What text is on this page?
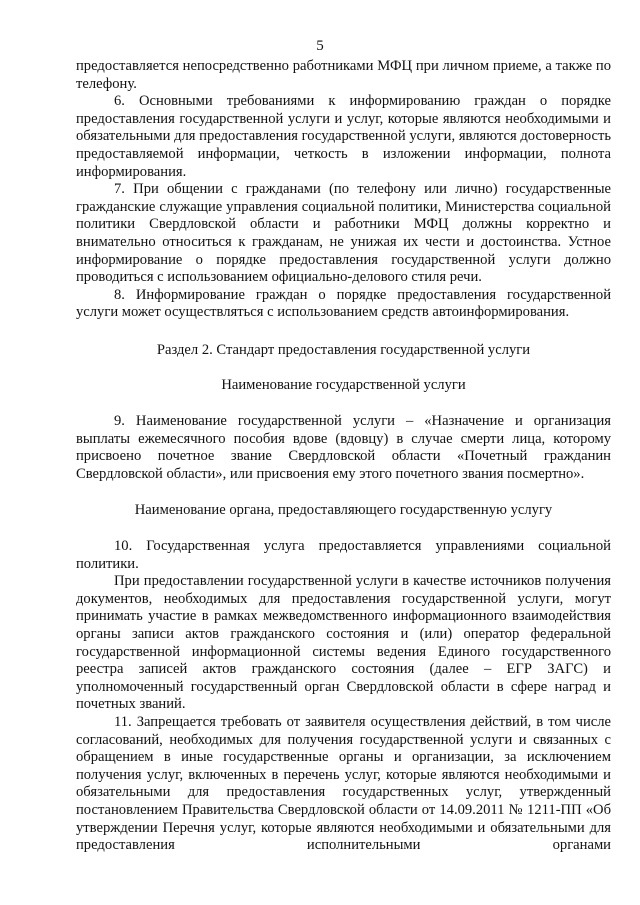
5

предоставляется непосредственно работниками МФЦ при личном приеме, а также по телефону.

6. Основными требованиями к информированию граждан о порядке предоставления государственной услуги и услуг, которые являются необходимыми и обязательными для предоставления государственной услуги, являются достоверность предоставляемой информации, четкость в изложении информации, полнота информирования.

7. При общении с гражданами (по телефону или лично) государственные гражданские служащие управления социальной политики, Министерства социальной политики Свердловской области и работники МФЦ должны корректно и внимательно относиться к гражданам, не унижая их чести и достоинства. Устное информирование о порядке предоставления государственной услуги должно проводиться с использованием официально-делового стиля речи.

8. Информирование граждан о порядке предоставления государственной услуги может осуществляться с использованием средств автоинформирования.

Раздел 2. Стандарт предоставления государственной услуги

Наименование государственной услуги

9. Наименование государственной услуги – «Назначение и организация выплаты ежемесячного пособия вдове (вдовцу) в случае смерти лица, которому присвоено почетное звание Свердловской области «Почетный гражданин Свердловской области», или присвоения ему этого почетного звания посмертно».

Наименование органа, предоставляющего государственную услугу

10. Государственная услуга предоставляется управлениями социальной политики.

При предоставлении государственной услуги в качестве источников получения документов, необходимых для предоставления государственной услуги, могут принимать участие в рамках межведомственного информационного взаимодействия органы записи актов гражданского состояния и (или) оператор федеральной государственной информационной системы ведения Единого государственного реестра записей актов гражданского состояния (далее – ЕГР ЗАГС) и уполномоченный государственный орган Свердловской области в сфере наград и почетных званий.

11. Запрещается требовать от заявителя осуществления действий, в том числе согласований, необходимых для получения государственной услуги и связанных с обращением в иные государственные органы и организации, за исключением получения услуг, включенных в перечень услуг, которые являются необходимыми и обязательными для предоставления государственных услуг, утвержденный постановлением Правительства Свердловской области от 14.09.2011 № 1211-ПП «Об утверждении Перечня услуг, которые являются необходимыми и обязательными для предоставления исполнительными органами
